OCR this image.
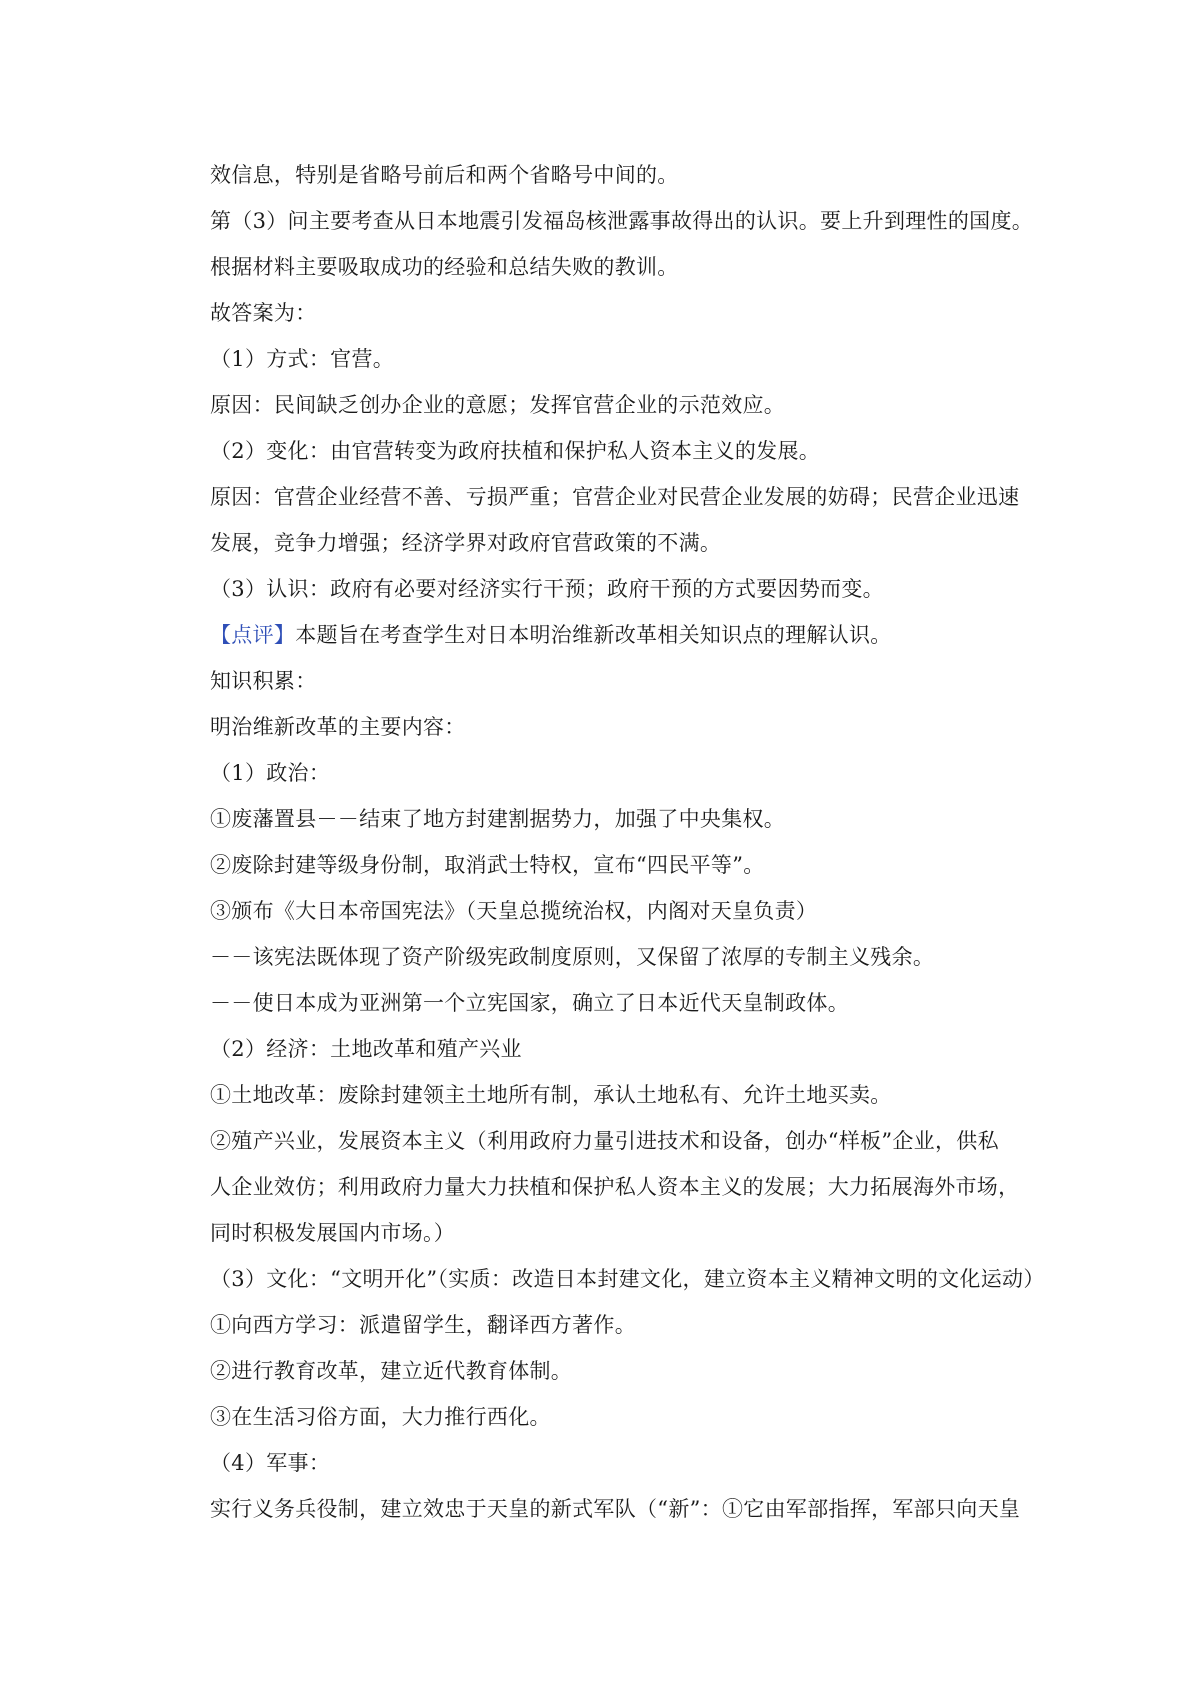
效信息，特别是省略号前后和两个省略号中间的。
第（3）问主要考查从日本地震引发福岛核泄露事故得出的认识。要上升到理性的国度。
根据材料主要吸取成功的经验和总结失败的教训。
故答案为：
（1）方式：官营。
原因：民间缺乏创办企业的意愿；发挥官营企业的示范效应。
（2）变化：由官营转变为政府扶植和保护私人资本主义的发展。
原因：官营企业经营不善、亏损严重；官营企业对民营企业发展的妨碍；民营企业迅速
发展，竞争力增强；经济学界对政府官营政策的不满。
（3）认识：政府有必要对经济实行干预；政府干预的方式要因势而变。
【点评】本题旨在考查学生对日本明治维新改革相关知识点的理解认识。
知识积累：
明治维新改革的主要内容：
（1）政治：
①废藩置县－－结束了地方封建割据势力，加强了中央集权。
②废除封建等级身份制，取消武士特权，宣布“四民平等”。
③颁布《大日本帝国宪法》（天皇总揽统治权，内阁对天皇负责）
－－该宪法既体现了资产阶级宪政制度原则，又保留了浓厚的专制主义残余。
－－使日本成为亚洲第一个立宪国家，确立了日本近代天皇制政体。
（2）经济：土地改革和殖产兴业
①土地改革：废除封建领主土地所有制，承认土地私有、允许土地买卖。
②殖产兴业，发展资本主义（利用政府力量引进技术和设备，创办“样板”企业，供私
人企业效仿；利用政府力量大力扶植和保护私人资本主义的发展；大力拓展海外市场，
同时积极发展国内市场。）
（3）文化：“文明开化”（实质：改造日本封建文化，建立资本主义精神文明的文化运动）
①向西方学习：派遣留学生，翻译西方著作。
②进行教育改革，建立近代教育体制。
③在生活习俗方面，大力推行西化。
（4）军事：
实行义务兵役制，建立效忠于天皇的新式军队（“新”：①它由军部指挥，军部只向天皇
